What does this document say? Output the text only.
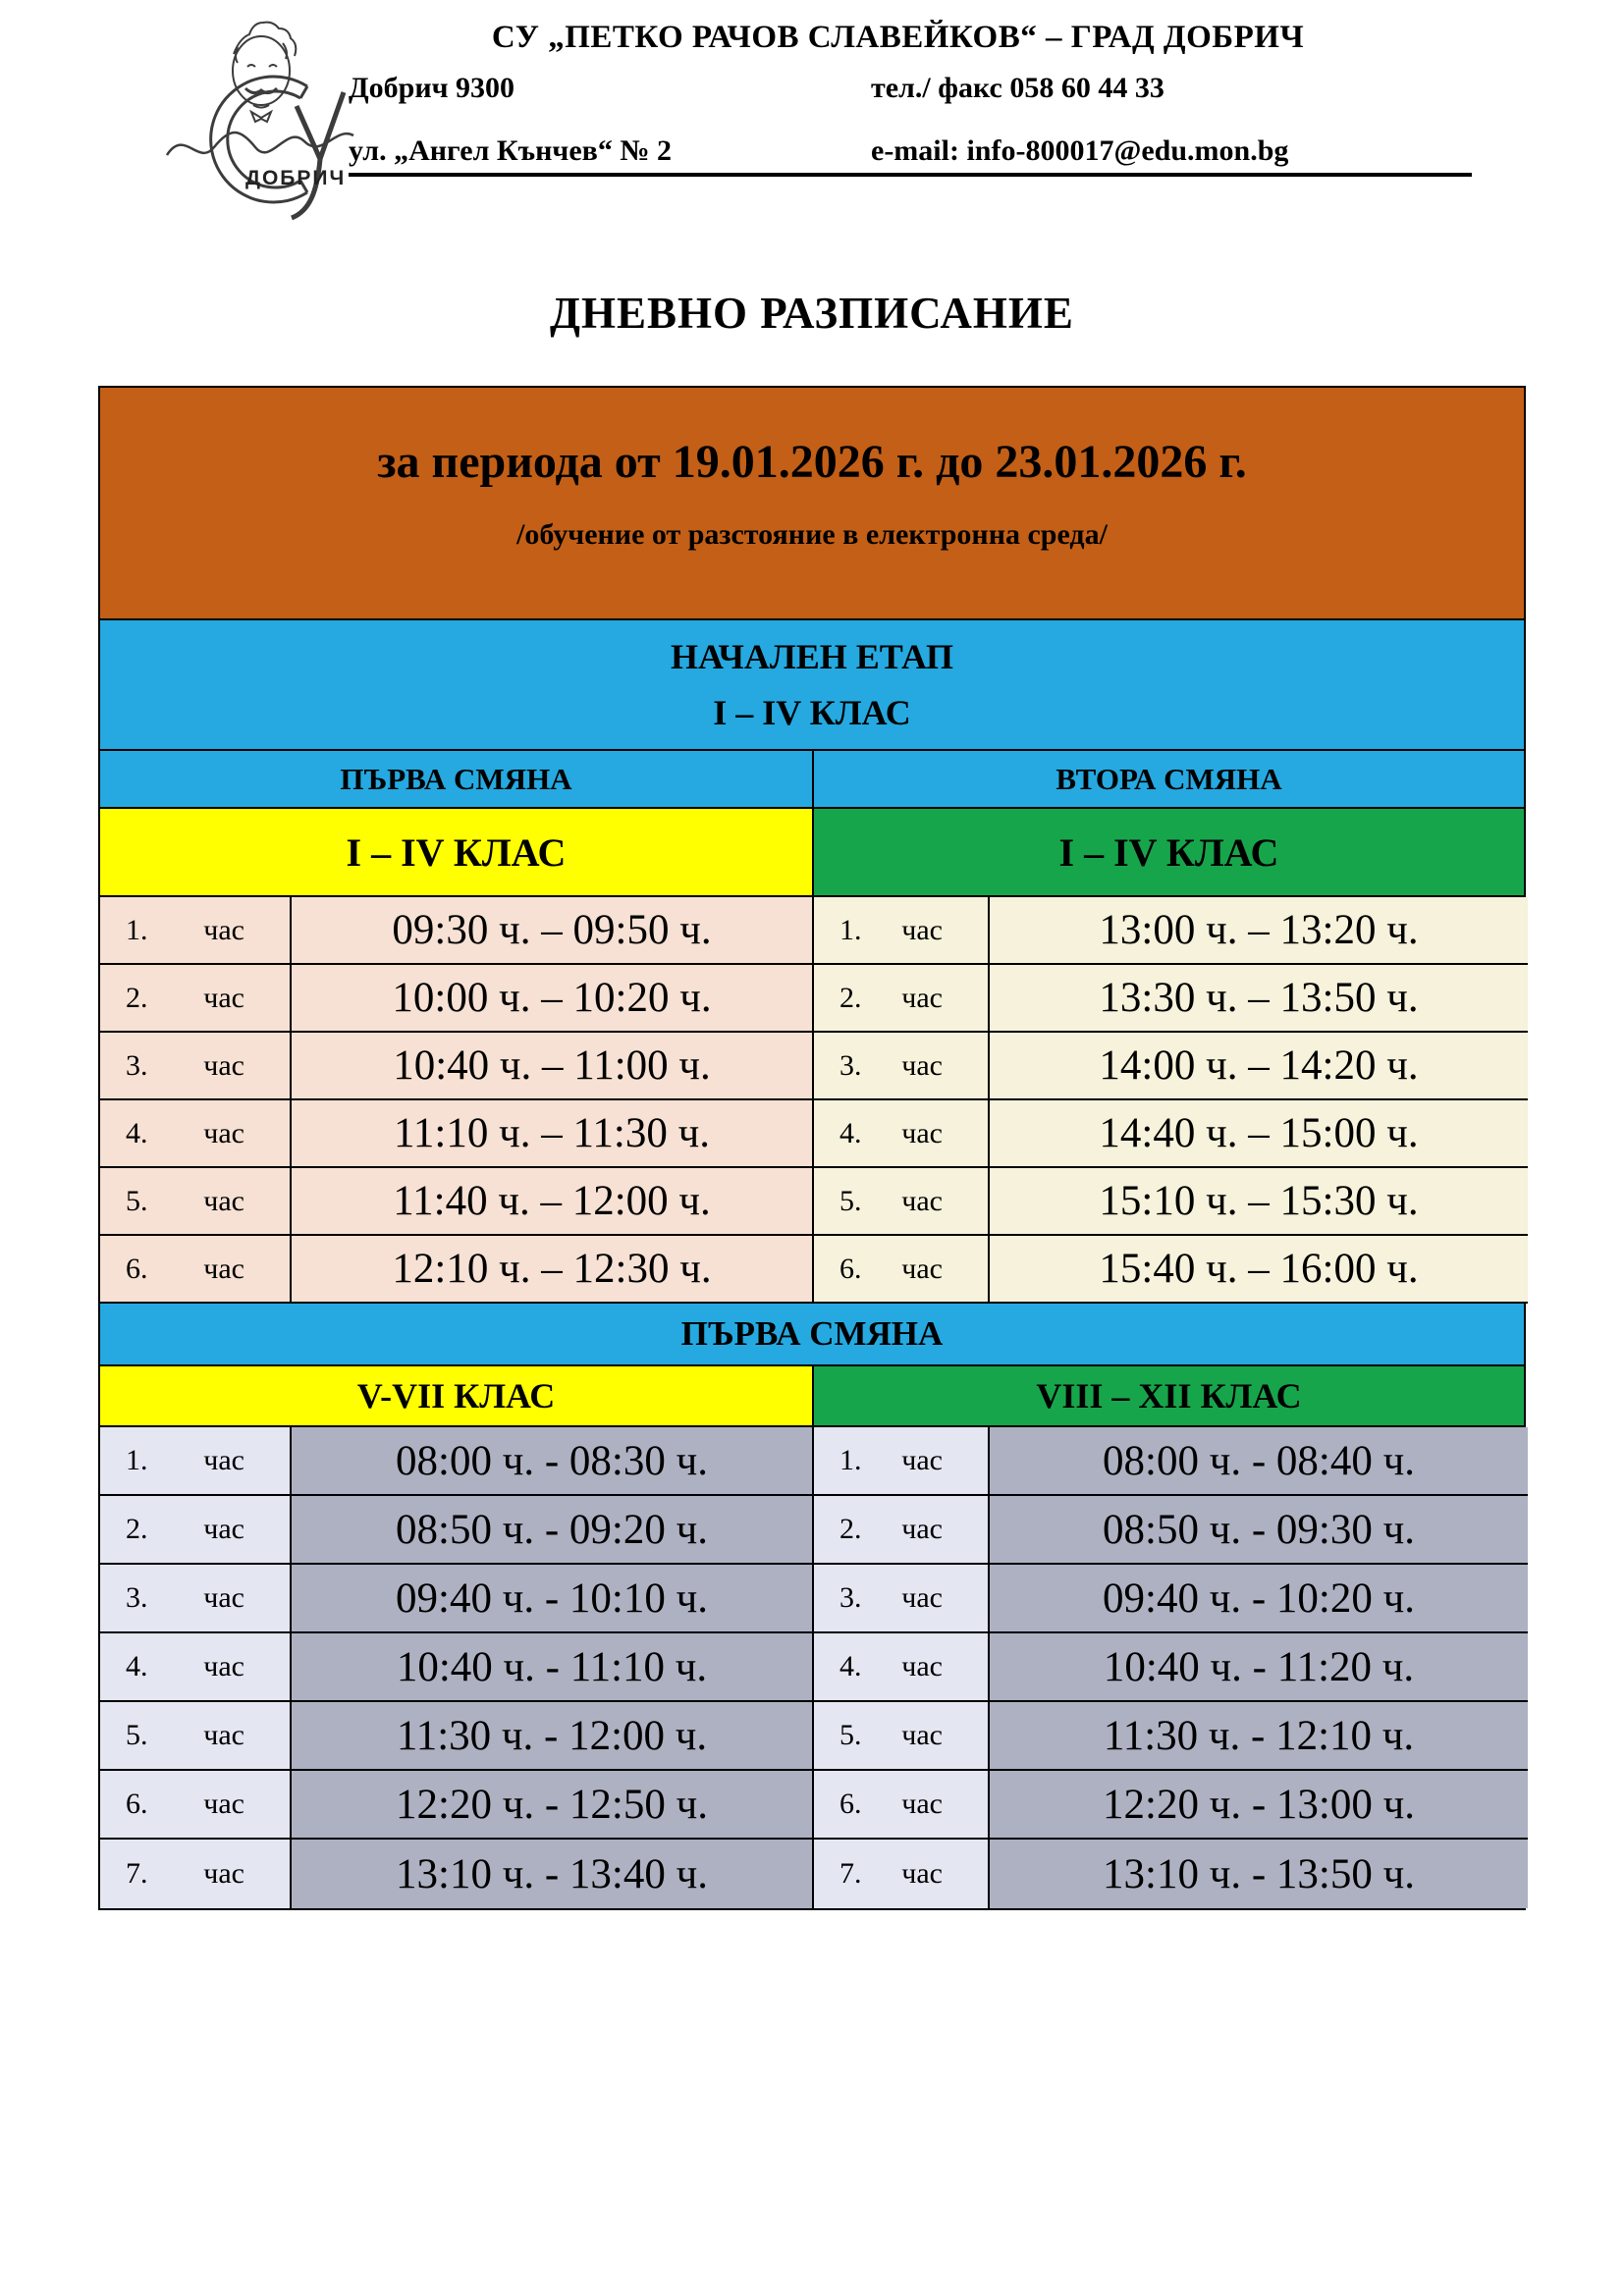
ДОБРИЧ
СУ „ПЕТКО РАЧОВ СЛАВЕЙКОВ“ – ГРАД ДОБРИЧ
Добрич 9300	тел./ факс 058 60 44 33
ул. „Ангел Кънчев“ № 2	e-mail: info-800017@edu.mon.bg
ДНЕВНО РАЗПИСАНИЕ
за периода от 19.01.2026 г. до 23.01.2026 г.
/обучение от разстояние в електронна среда/
НАЧАЛЕН ЕТАП
I – IV КЛАС
ПЪРВА СМЯНА	ВТОРА СМЯНА
I – IV КЛАС	I – IV КЛАС
1. час	09:30 ч. – 09:50 ч.	1. час	13:00 ч. – 13:20 ч.
2. час	10:00 ч. – 10:20 ч.	2. час	13:30 ч. – 13:50 ч.
3. час	10:40 ч. – 11:00 ч.	3. час	14:00 ч. – 14:20 ч.
4. час	11:10 ч. – 11:30 ч.	4. час	14:40 ч. – 15:00 ч.
5. час	11:40 ч. – 12:00 ч.	5. час	15:10 ч. – 15:30 ч.
6. час	12:10 ч. – 12:30 ч.	6. час	15:40 ч. – 16:00 ч.
ПЪРВА СМЯНА
V-VII КЛАС	VIII – XII КЛАС
1. час	08:00 ч. - 08:30 ч.	1. час	08:00 ч. - 08:40 ч.
2. час	08:50 ч. - 09:20 ч.	2. час	08:50 ч. - 09:30 ч.
3. час	09:40 ч. - 10:10 ч.	3. час	09:40 ч. - 10:20 ч.
4. час	10:40 ч. - 11:10 ч.	4. час	10:40 ч. - 11:20 ч.
5. час	11:30 ч. - 12:00 ч.	5. час	11:30 ч. - 12:10 ч.
6. час	12:20 ч. - 12:50 ч.	6. час	12:20 ч. - 13:00 ч.
7. час	13:10 ч. - 13:40 ч.	7. час	13:10 ч. - 13:50 ч.
